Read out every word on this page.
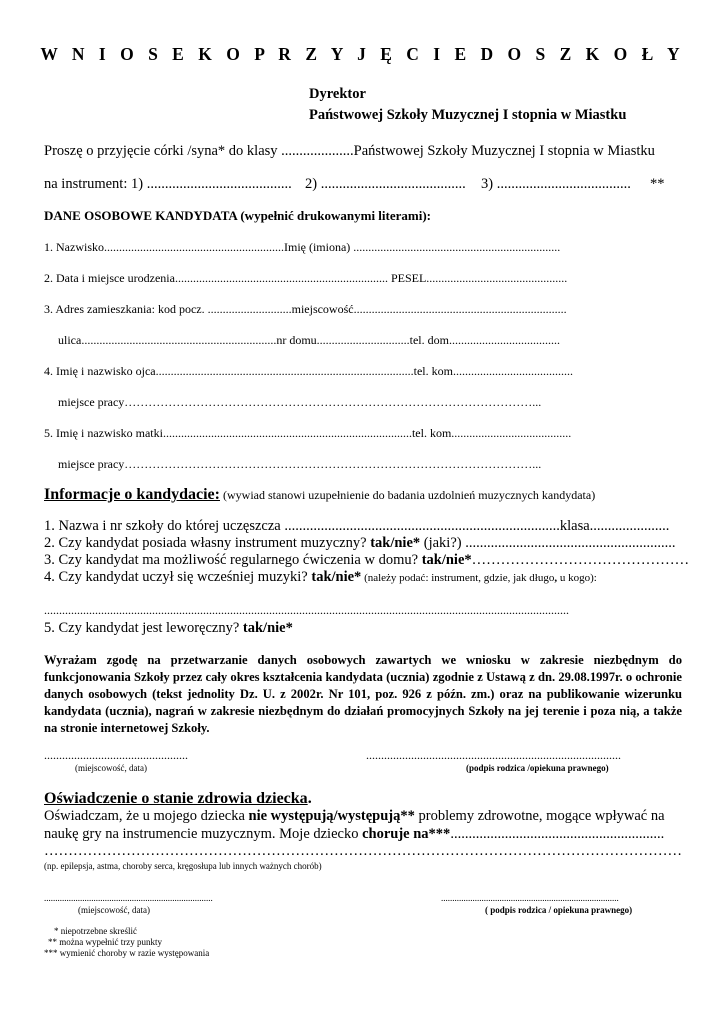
W N I O S E K O P R Z Y J Ę C I E D O S Z K O Ł Y
Dyrektor
Państwowej Szkoły Muzycznej I stopnia w Miastku
Proszę o przyjęcie córki /syna* do klasy ....................Państwowej Szkoły Muzycznej I stopnia w Miastku
na instrument: 1) ........................................ 2) ........................................ 3) ..................................... **
DANE OSOBOWE KANDYDATA (wypełnić drukowanymi literami):
1. Nazwisko............................................................Imię (imiona) .....................................................................
2. Data i miejsce urodzenia....................................................................... PESEL...............................................
3. Adres zamieszkania: kod pocz. ............................miejscowość.......................................................................
ulica.................................................................nr domu...............................tel. dom.....................................
4. Imię i nazwisko ojca......................................................................................tel. kom........................................
miejsce pracy…………………………………………………………………………………………...
5. Imię i nazwisko matki...................................................................................tel. kom........................................
miejsce pracy…………………………………………………………………………………………...
Informacje o kandydacie: (wywiad stanowi uzupełnienie do badania uzdolnień muzycznych kandydata)
1. Nazwa i nr szkoły do której uczęszcza ............................................................................klasa......................
2. Czy kandydat posiada własny instrument muzyczny? tak/nie* (jaki?) ..........................................................
3. Czy kandydat ma możliwość regularnego ćwiczenia w domu? tak/nie*………………………………………
4. Czy kandydat uczył się wcześniej muzyki? tak/nie* (należy podać: instrument, gdzie, jak długo, u kogo):
...............................................................................................................................................................................
5. Czy kandydat jest leworęczny? tak/nie*
Wyrażam zgodę na przetwarzanie danych osobowych zawartych we wniosku w zakresie niezbędnym do funkcjonowania Szkoły przez cały okres kształcenia kandydata (ucznia) zgodnie z Ustawą z dn. 29.08.1997r. o ochronie danych osobowych (tekst jednolity Dz. U. z 2002r. Nr 101, poz. 926 z późn. zm.) oraz na publikowanie wizerunku kandydata (ucznia), nagrań w zakresie niezbędnym do działań promocyjnych Szkoły na jej terenie i poza nią, a także na stronie internetowej Szkoły.
................................................	.....................................................................................
(miejscowość, data)	(podpis rodzica /opiekuna prawnego)
Oświadczenie o stanie zdrowia dziecka.
Oświadczam, że u mojego dziecka nie występują/występują** problemy zdrowotne, mogące wpływać na
naukę gry na instrumencie muzycznym. Moje dziecko choruje na***...........................................................
……………………………………………………………………………………………………………………
(np. epilepsja, astma, choroby serca, kręgosłupa lub innych ważnych chorób)
...........................................................................	...............................................................................
(miejscowość, data)	( podpis rodzica / opiekuna prawnego)
* niepotrzebne skreślić
** można wypełnić trzy punkty
*** wymienić choroby w razie występowania
